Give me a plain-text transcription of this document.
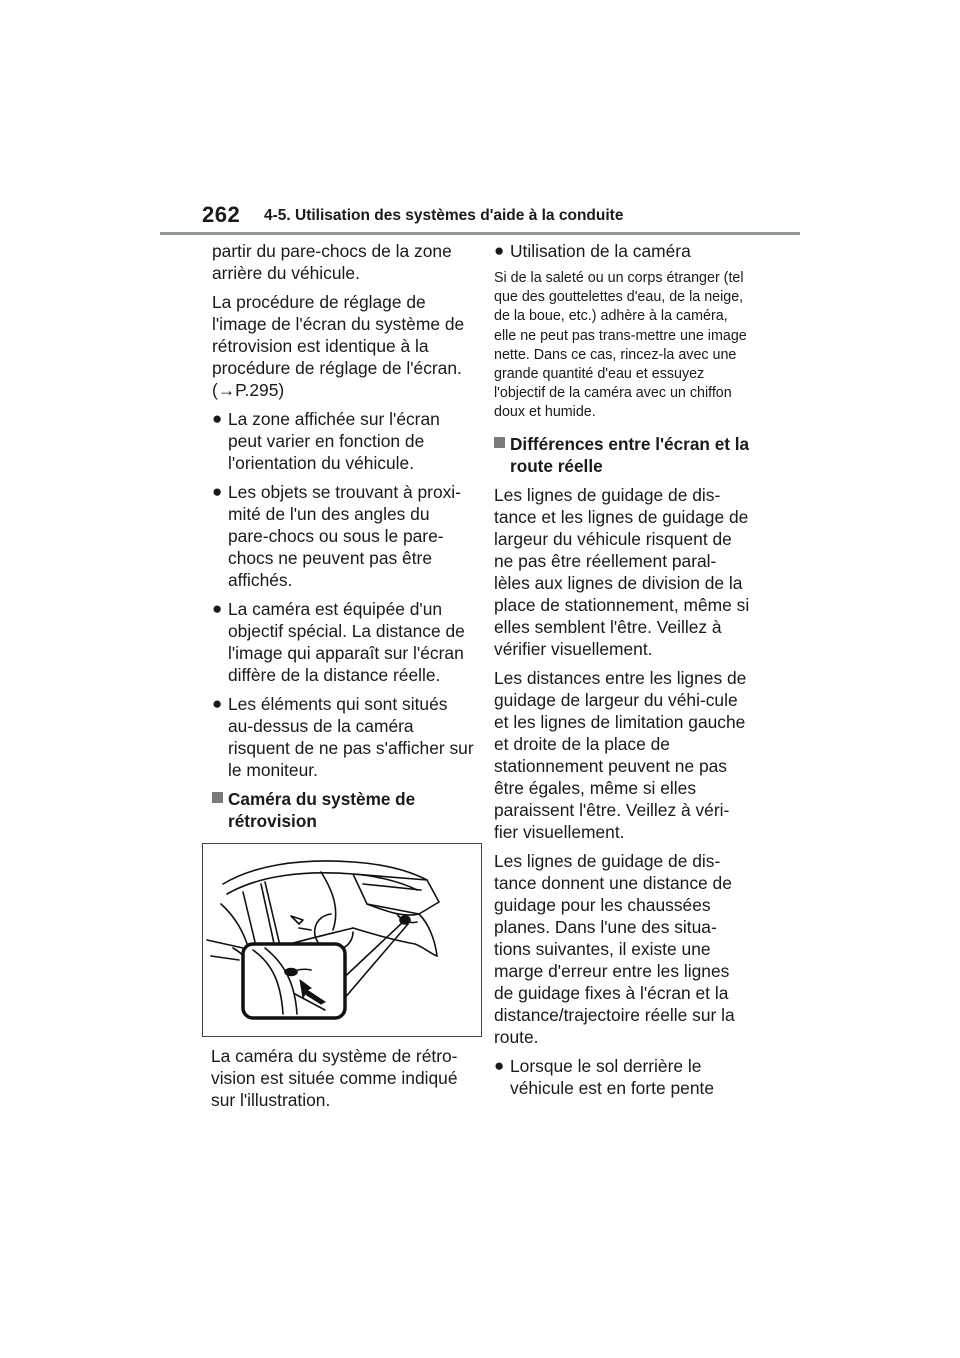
262 4-5. Utilisation des systèmes d'aide à la conduite
partir du pare-chocs de la zone arrière du véhicule.
La procédure de réglage de l'image de l'écran du système de rétrovision est identique à la procédure de réglage de l'écran. (→P.295)
● La zone affichée sur l'écran peut varier en fonction de l'orientation du véhicule.
● Les objets se trouvant à proxi-mité de l'un des angles du pare-chocs ou sous le pare-chocs ne peuvent pas être affichés.
● La caméra est équipée d'un objectif spécial. La distance de l'image qui apparaît sur l'écran diffère de la distance réelle.
● Les éléments qui sont situés au-dessus de la caméra risquent de ne pas s'afficher sur le moniteur.
Caméra du système de rétrovision
La caméra du système de rétro-vision est située comme indiqué sur l'illustration.
● Utilisation de la caméra
Si de la saleté ou un corps étranger (tel que des gouttelettes d'eau, de la neige, de la boue, etc.) adhère à la caméra, elle ne peut pas trans-mettre une image nette. Dans ce cas, rincez-la avec une grande quantité d'eau et essuyez l'objectif de la caméra avec un chiffon doux et humide.
Différences entre l'écran et la route réelle
Les lignes de guidage de dis-tance et les lignes de guidage de largeur du véhicule risquent de ne pas être réellement paral-lèles aux lignes de division de la place de stationnement, même si elles semblent l'être. Veillez à vérifier visuellement.
Les distances entre les lignes de guidage de largeur du véhi-cule et les lignes de limitation gauche et droite de la place de stationnement peuvent ne pas être égales, même si elles paraissent l'être. Veillez à véri-fier visuellement.
Les lignes de guidage de dis-tance donnent une distance de guidage pour les chaussées planes. Dans l'une des situa-tions suivantes, il existe une marge d'erreur entre les lignes de guidage fixes à l'écran et la distance/trajectoire réelle sur la route.
● Lorsque le sol derrière le véhicule est en forte pente
